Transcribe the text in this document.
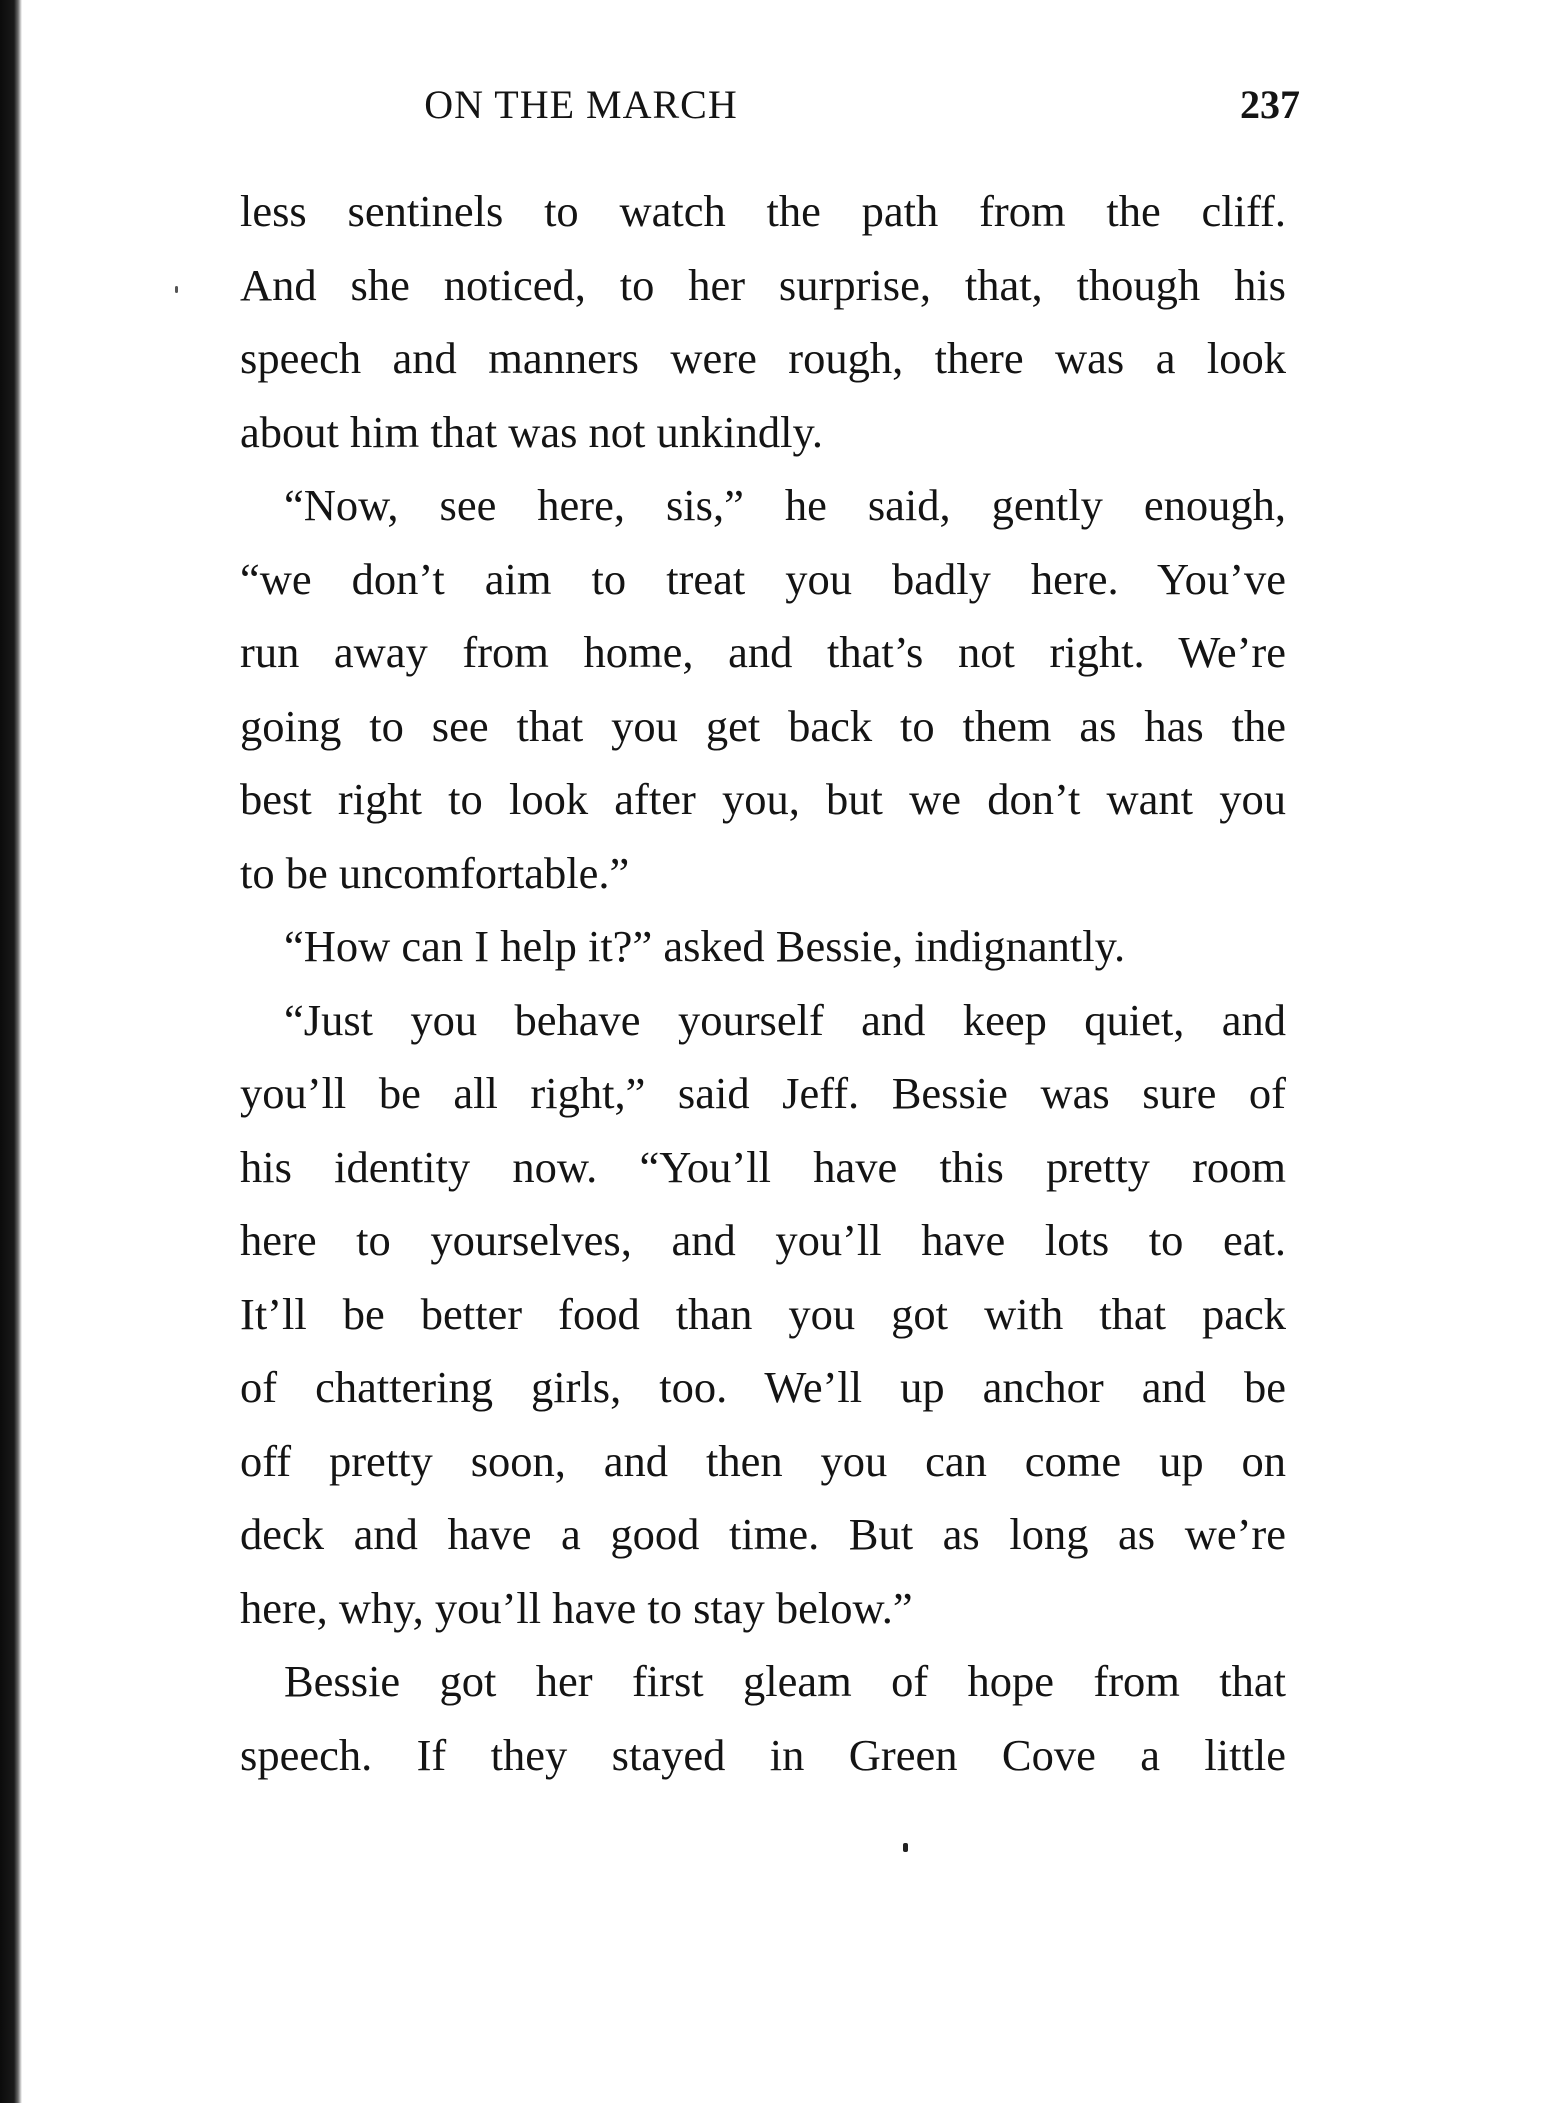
ON THE MARCH	237
less sentinels to watch the path from the cliff.
And she noticed, to her surprise, that, though his
speech and manners were rough, there was a look
about him that was not unkindly.
“Now, see here, sis,” he said, gently enough,
“we don’t aim to treat you badly here. You’ve
run away from home, and that’s not right. We’re
going to see that you get back to them as has the
best right to look after you, but we don’t want you
to be uncomfortable.”
“How can I help it?” asked Bessie, indignantly.
“Just you behave yourself and keep quiet, and
you’ll be all right,” said Jeff. Bessie was sure of
his identity now. “You’ll have this pretty room
here to yourselves, and you’ll have lots to eat.
It’ll be better food than you got with that pack
of chattering girls, too. We’ll up anchor and be
off pretty soon, and then you can come up on
deck and have a good time. But as long as we’re
here, why, you’ll have to stay below.”
Bessie got her first gleam of hope from that
speech. If they stayed in Green Cove a little
